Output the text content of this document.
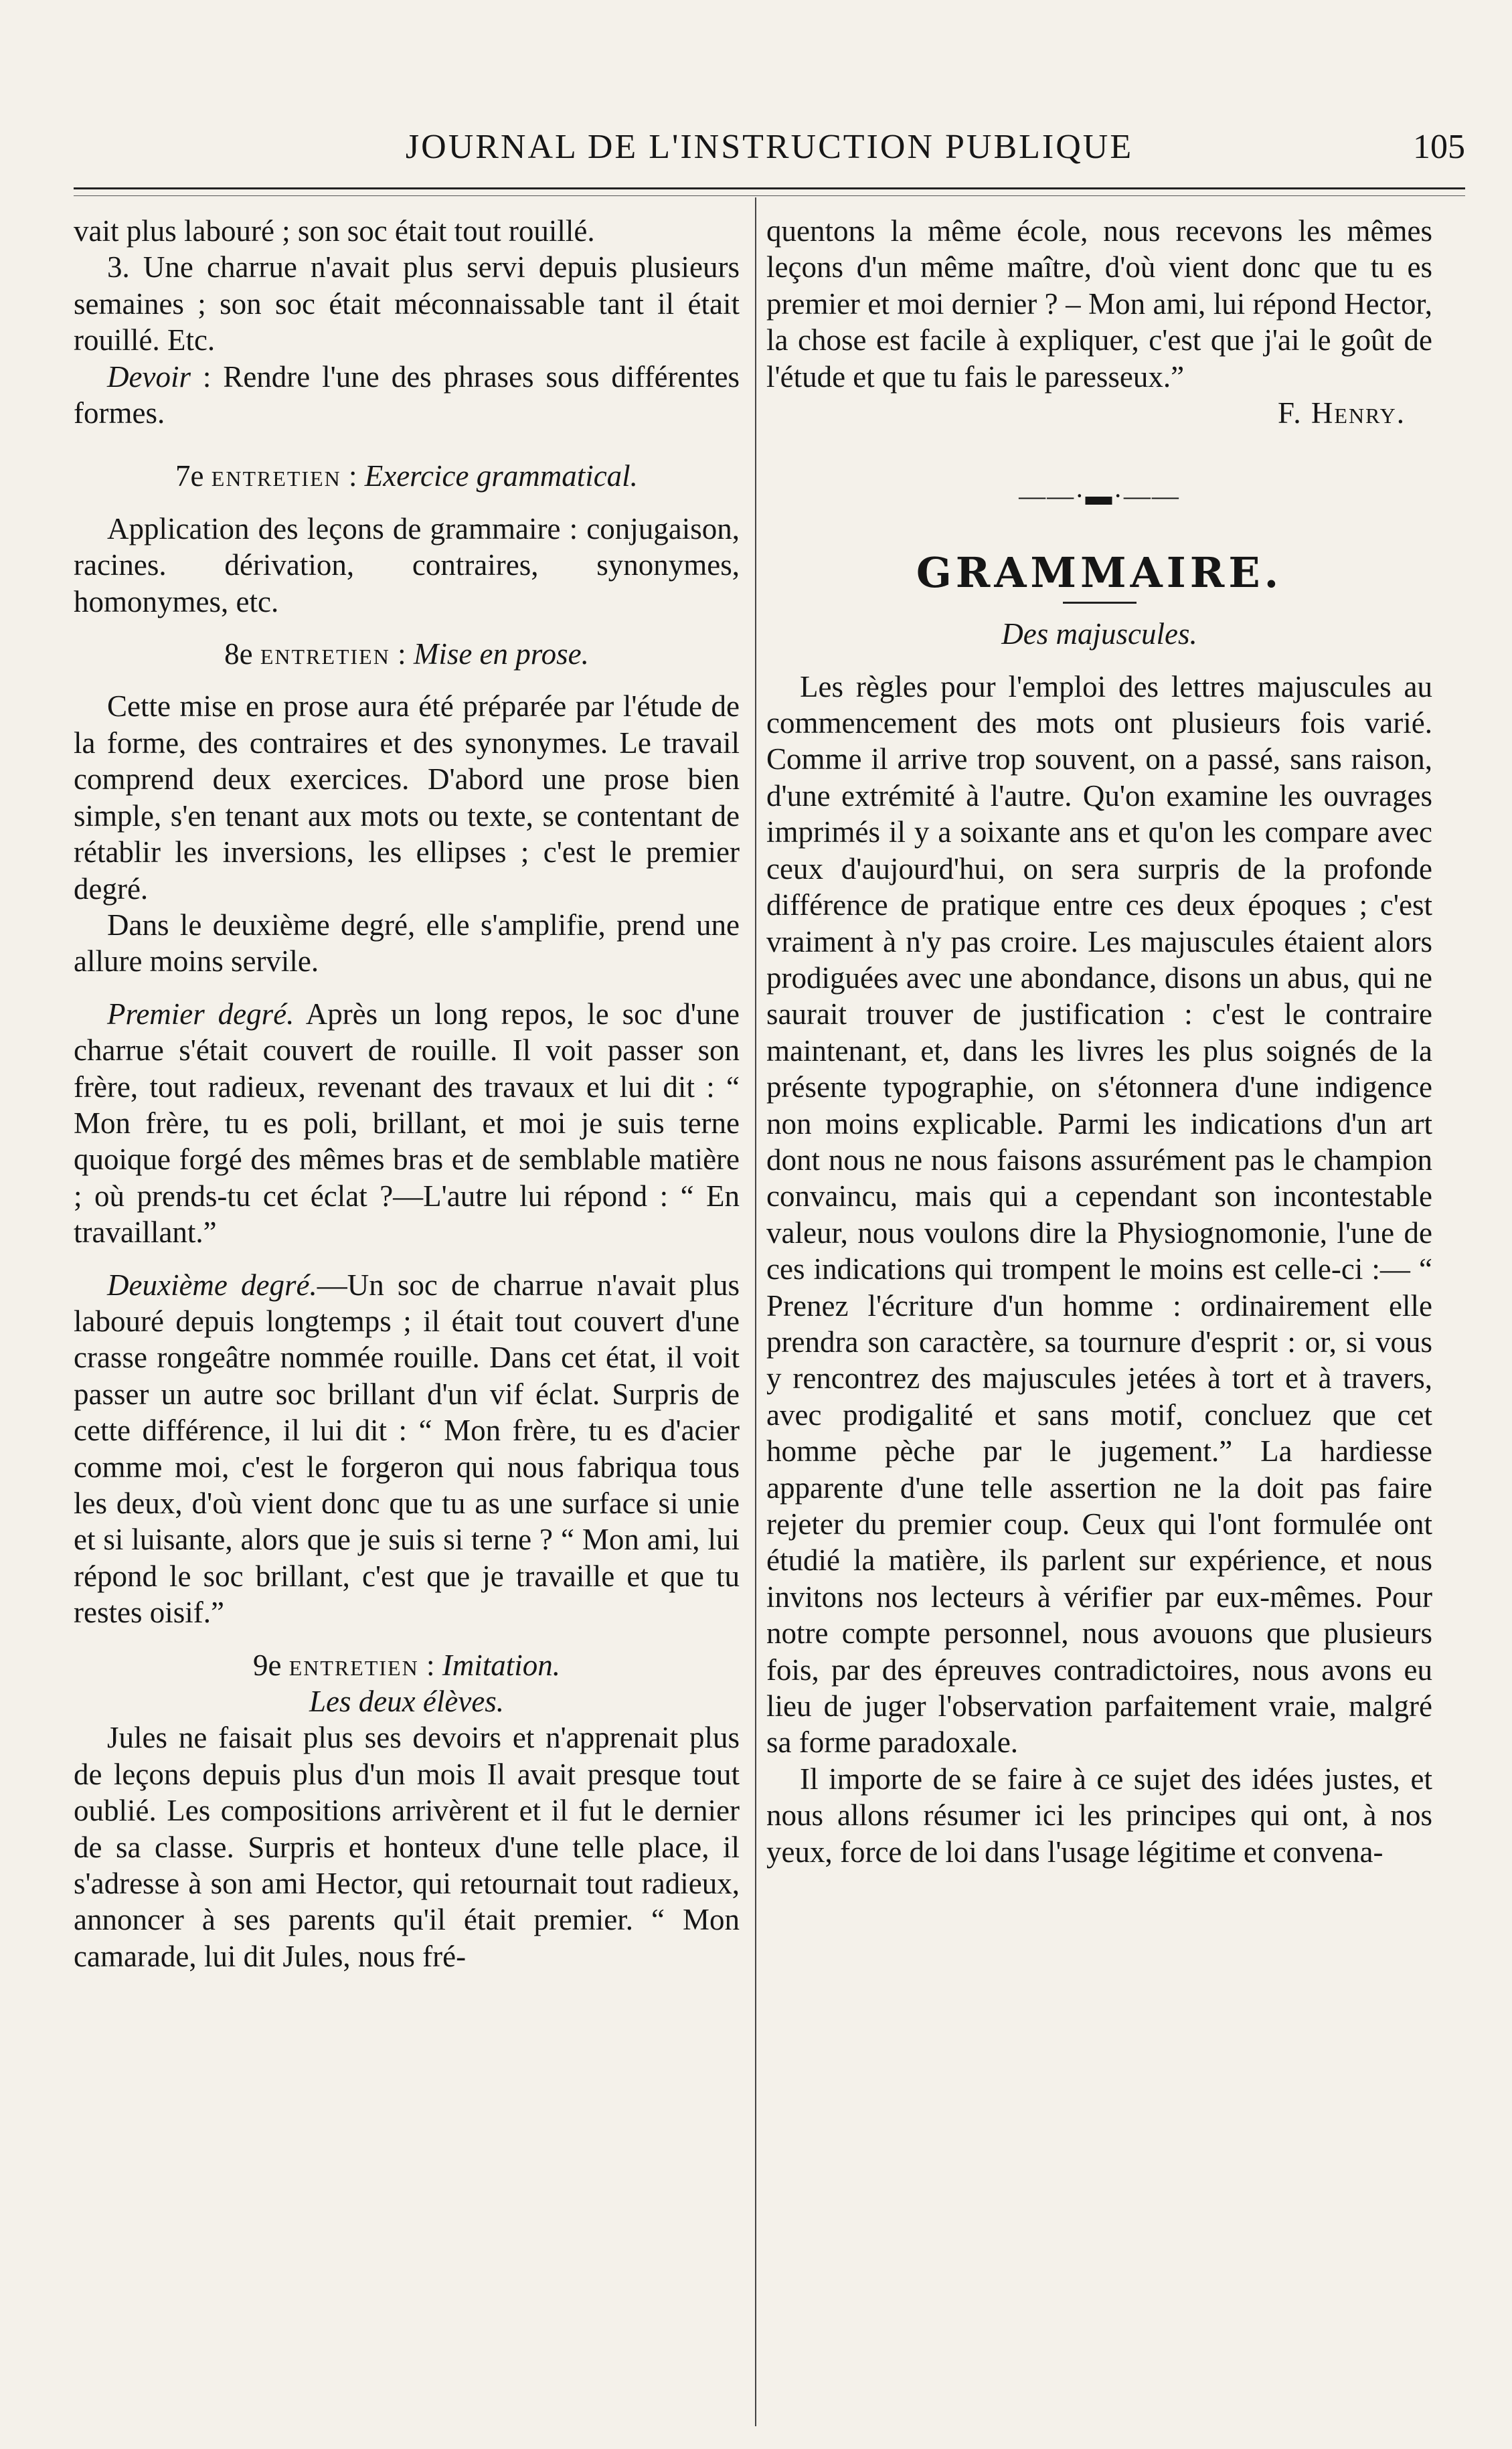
JOURNAL DE L'INSTRUCTION PUBLIQUE	105

vait plus labouré ; son soc était tout rouillé.

3. Une charrue n'avait plus servi depuis plusieurs semaines ; son soc était méconnaissable tant il était rouillé. Etc.

Devoir : Rendre l'une des phrases sous différentes formes.

7e entretien : Exercice grammatical.

Application des leçons de grammaire : conjugaison, racines. dérivation, contraires, synonymes, homonymes, etc.

8e entretien : Mise en prose.

Cette mise en prose aura été préparée par l'étude de la forme, des contraires et des synonymes. Le travail comprend deux exercices. D'abord une prose bien simple, s'en tenant aux mots ou texte, se contentant de rétablir les inversions, les ellipses ; c'est le premier degré.

Dans le deuxième degré, elle s'amplifie, prend une allure moins servile.

Premier degré. Après un long repos, le soc d'une charrue s'était couvert de rouille. Il voit passer son frère, tout radieux, revenant des travaux et lui dit : “ Mon frère, tu es poli, brillant, et moi je suis terne quoique forgé des mêmes bras et de semblable matière ; où prends-tu cet éclat ?—L'autre lui répond : “ En travaillant.”

Deuxième degré.—Un soc de charrue n'avait plus labouré depuis longtemps ; il était tout couvert d'une crasse rongeâtre nommée rouille. Dans cet état, il voit passer un autre soc brillant d'un vif éclat. Surpris de cette différence, il lui dit : “ Mon frère, tu es d'acier comme moi, c'est le forgeron qui nous fabriqua tous les deux, d'où vient donc que tu as une surface si unie et si luisante, alors que je suis si terne ? “ Mon ami, lui répond le soc brillant, c'est que je travaille et que tu restes oisif.”

9e entretien : Imitation.

Les deux élèves.

Jules ne faisait plus ses devoirs et n'apprenait plus de leçons depuis plus d'un mois Il avait presque tout oublié. Les compositions arrivèrent et il fut le dernier de sa classe. Surpris et honteux d'une telle place, il s'adresse à son ami Hector, qui retournait tout radieux, annoncer à ses parents qu'il était premier. “ Mon camarade, lui dit Jules, nous fré-

quentons la même école, nous recevons les mêmes leçons d'un même maître, d'où vient donc que tu es premier et moi dernier ? – Mon ami, lui répond Hector, la chose est facile à expliquer, c'est que j'ai le goût de l'étude et que tu fais le paresseux.”

F. Henry.

——·▬·——
GRAMMAIRE.

Des majuscules.

Les règles pour l'emploi des lettres majuscules au commencement des mots ont plusieurs fois varié. Comme il arrive trop souvent, on a passé, sans raison, d'une extrémité à l'autre. Qu'on examine les ouvrages imprimés il y a soixante ans et qu'on les compare avec ceux d'aujourd'hui, on sera surpris de la profonde différence de pratique entre ces deux époques ; c'est vraiment à n'y pas croire. Les majuscules étaient alors prodiguées avec une abondance, disons un abus, qui ne saurait trouver de justification : c'est le contraire maintenant, et, dans les livres les plus soignés de la présente typographie, on s'étonnera d'une indigence non moins explicable. Parmi les indications d'un art dont nous ne nous faisons assurément pas le champion convaincu, mais qui a cependant son incontestable valeur, nous voulons dire la Physiognomonie, l'une de ces indications qui trompent le moins est celle-ci :— “ Prenez l'écriture d'un homme : ordinairement elle prendra son caractère, sa tournure d'esprit : or, si vous y rencontrez des majuscules jetées à tort et à travers, avec prodigalité et sans motif, concluez que cet homme pèche par le jugement.” La hardiesse apparente d'une telle assertion ne la doit pas faire rejeter du premier coup. Ceux qui l'ont formulée ont étudié la matière, ils parlent sur expérience, et nous invitons nos lecteurs à vérifier par eux-mêmes. Pour notre compte personnel, nous avouons que plusieurs fois, par des épreuves contradictoires, nous avons eu lieu de juger l'observation parfaitement vraie, malgré sa forme paradoxale.

Il importe de se faire à ce sujet des idées justes, et nous allons résumer ici les principes qui ont, à nos yeux, force de loi dans l'usage légitime et convena-
